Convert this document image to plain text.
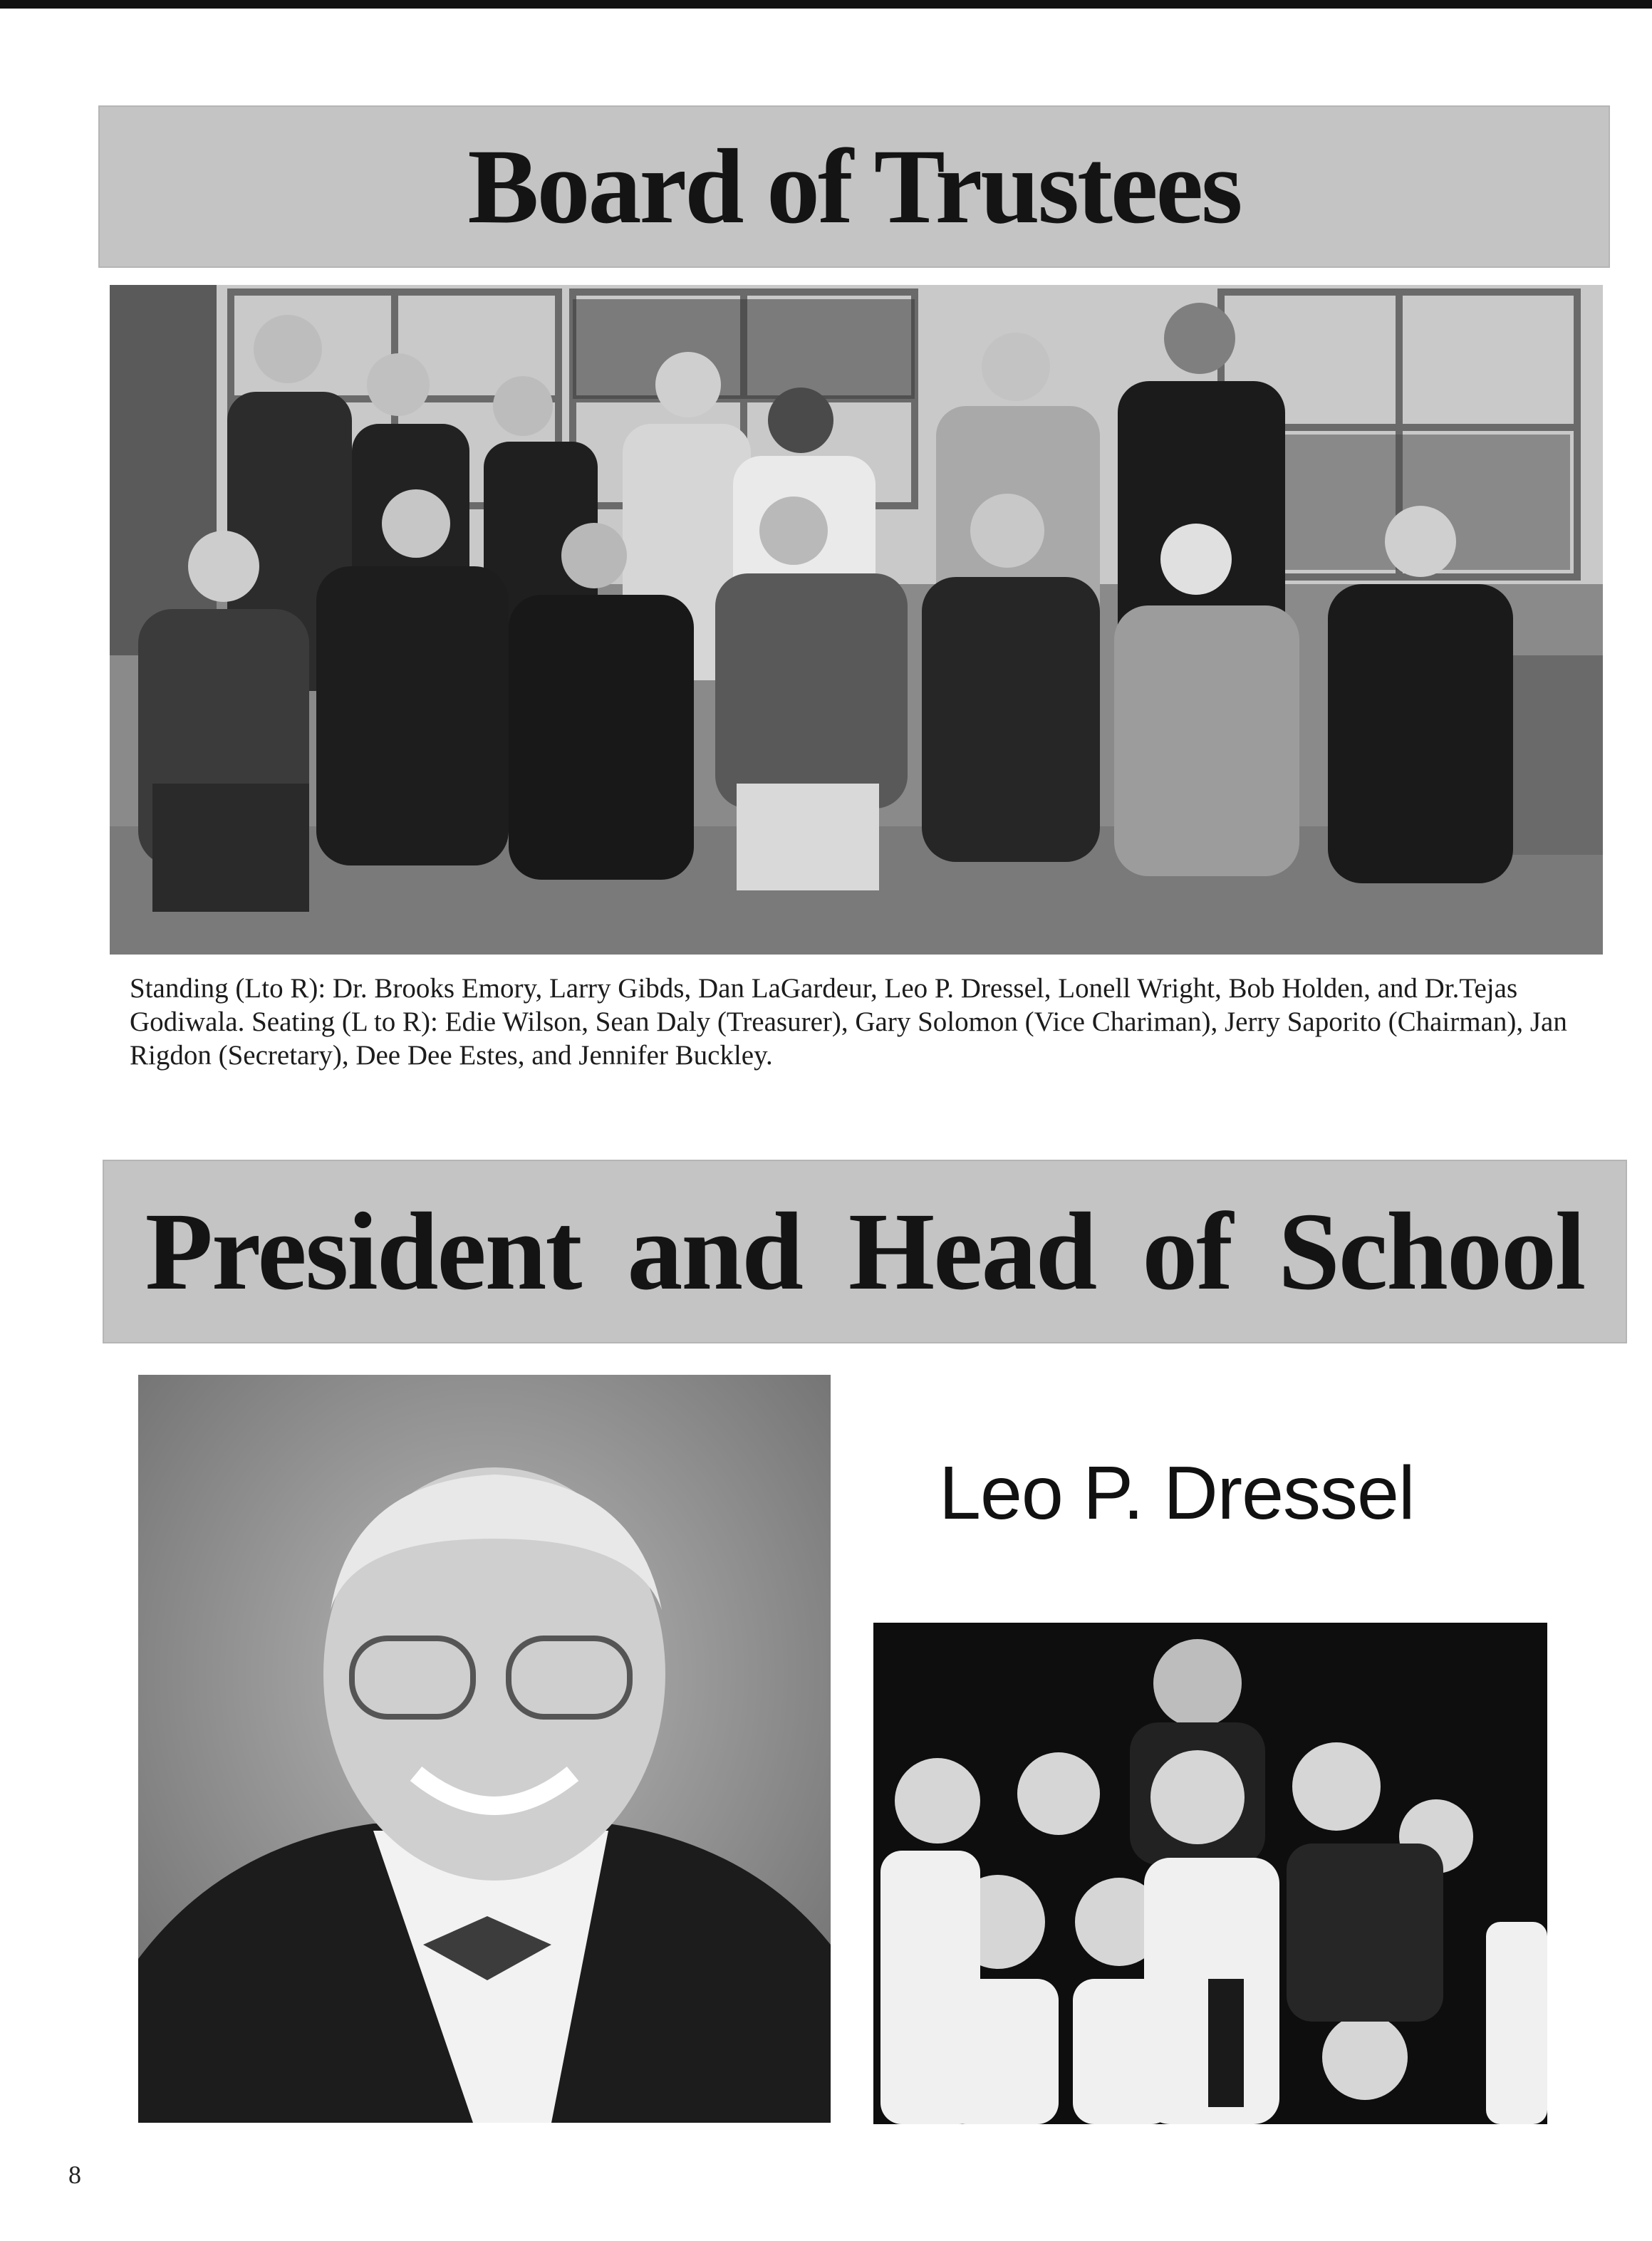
Board of Trustees

Standing (Lto R): Dr. Brooks Emory, Larry Gibds, Dan LaGardeur, Leo P. Dressel, Lonell Wright, Bob Holden, and Dr.Tejas Godiwala. Seating (L to R): Edie Wilson, Sean Daly (Treasurer), Gary Solomon (Vice Chariman), Jerry Saporito (Chairman), Jan Rigdon (Secretary), Dee Dee Estes, and Jennifer Buckley.

President and Head of School
Leo P. Dressel
8
